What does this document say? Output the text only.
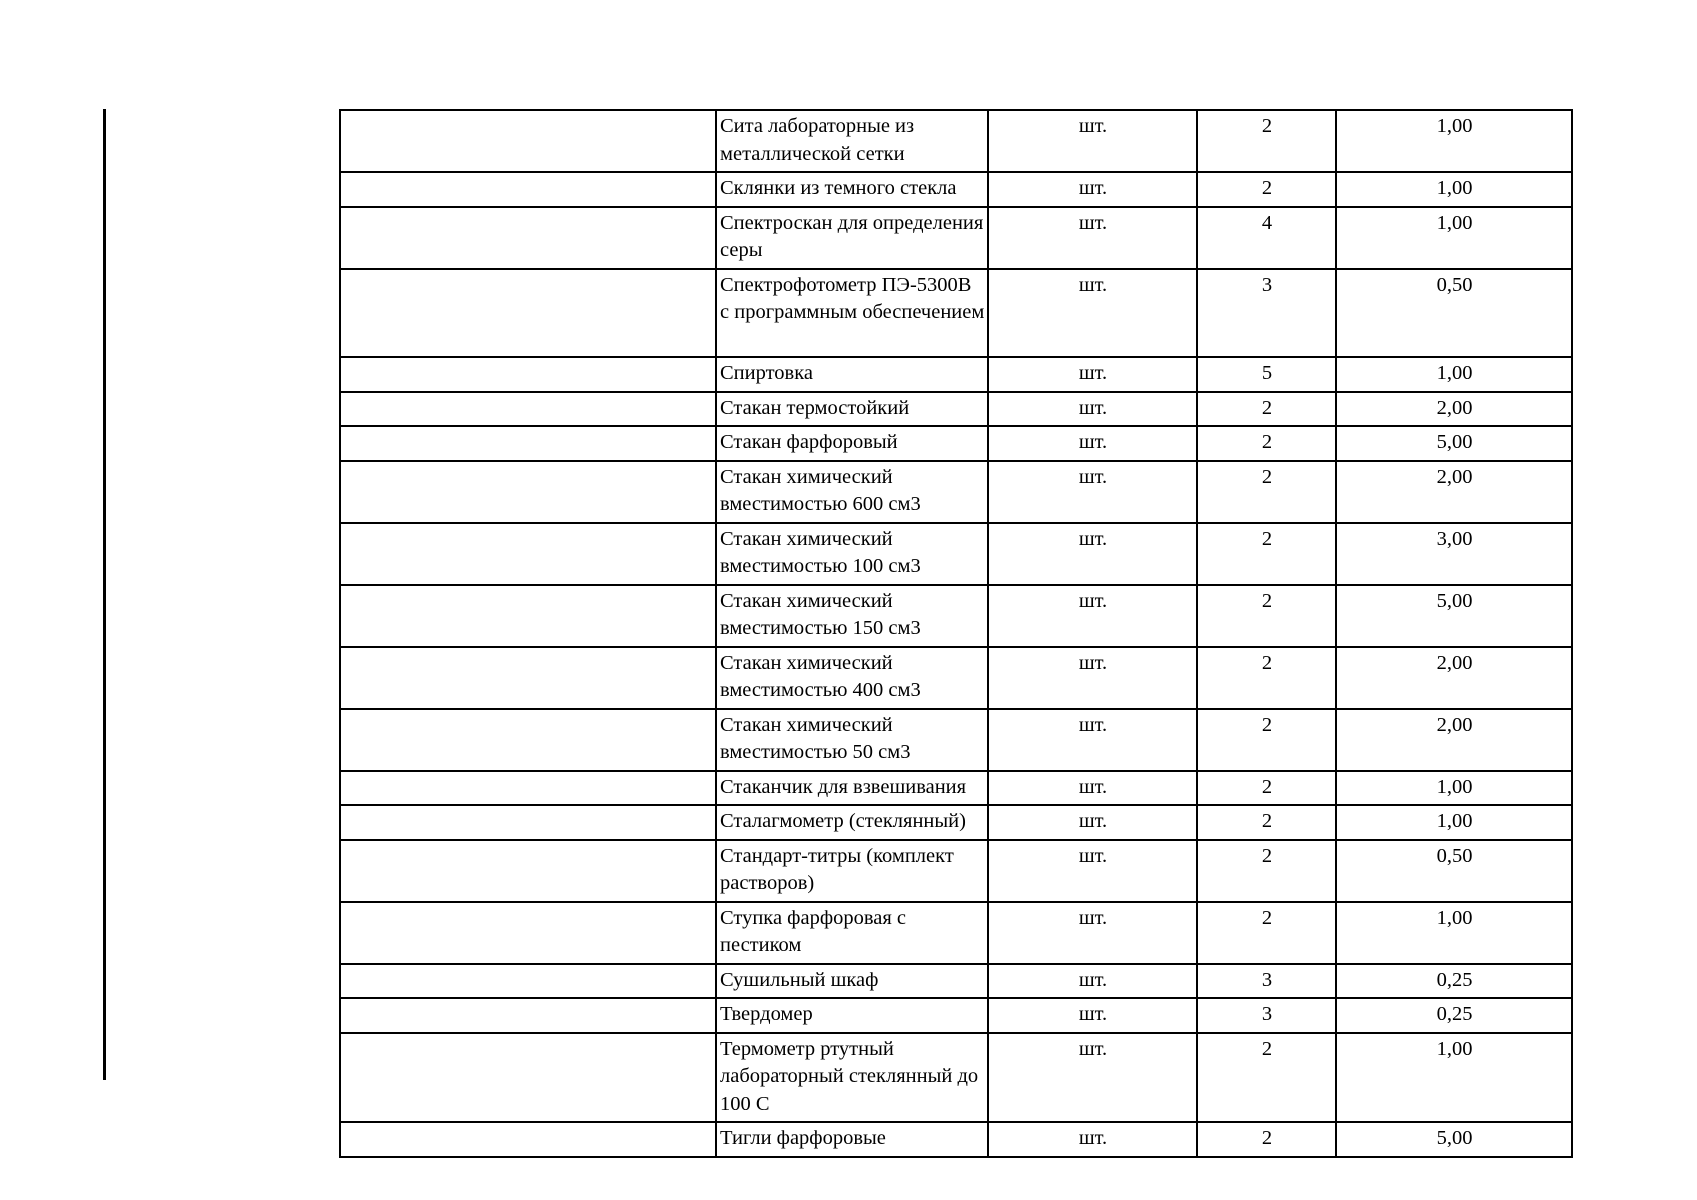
	Сита лабораторные из металлической сетки	шт.	2	1,00
	Склянки из темного стекла	шт.	2	1,00
	Спектроскан для определения серы	шт.	4	1,00
	Спектрофотометр ПЭ-5300В с программным обеспечением	шт.	3	0,50
	Спиртовка	шт.	5	1,00
	Стакан термостойкий	шт.	2	2,00
	Стакан фарфоровый	шт.	2	5,00
	Стакан химический вместимостью 600 см3	шт.	2	2,00
	Стакан химический вместимостью 100 см3	шт.	2	3,00
	Стакан химический вместимостью 150 см3	шт.	2	5,00
	Стакан химический вместимостью 400 см3	шт.	2	2,00
	Стакан химический вместимостью 50 см3	шт.	2	2,00
	Стаканчик для взвешивания	шт.	2	1,00
	Сталагмометр (стеклянный)	шт.	2	1,00
	Стандарт-титры (комплект растворов)	шт.	2	0,50
	Ступка фарфоровая с пестиком	шт.	2	1,00
	Сушильный шкаф	шт.	3	0,25
	Твердомер	шт.	3	0,25
	Термометр ртутный лабораторный стеклянный до 100 С	шт.	2	1,00
	Тигли фарфоровые	шт.	2	5,00
